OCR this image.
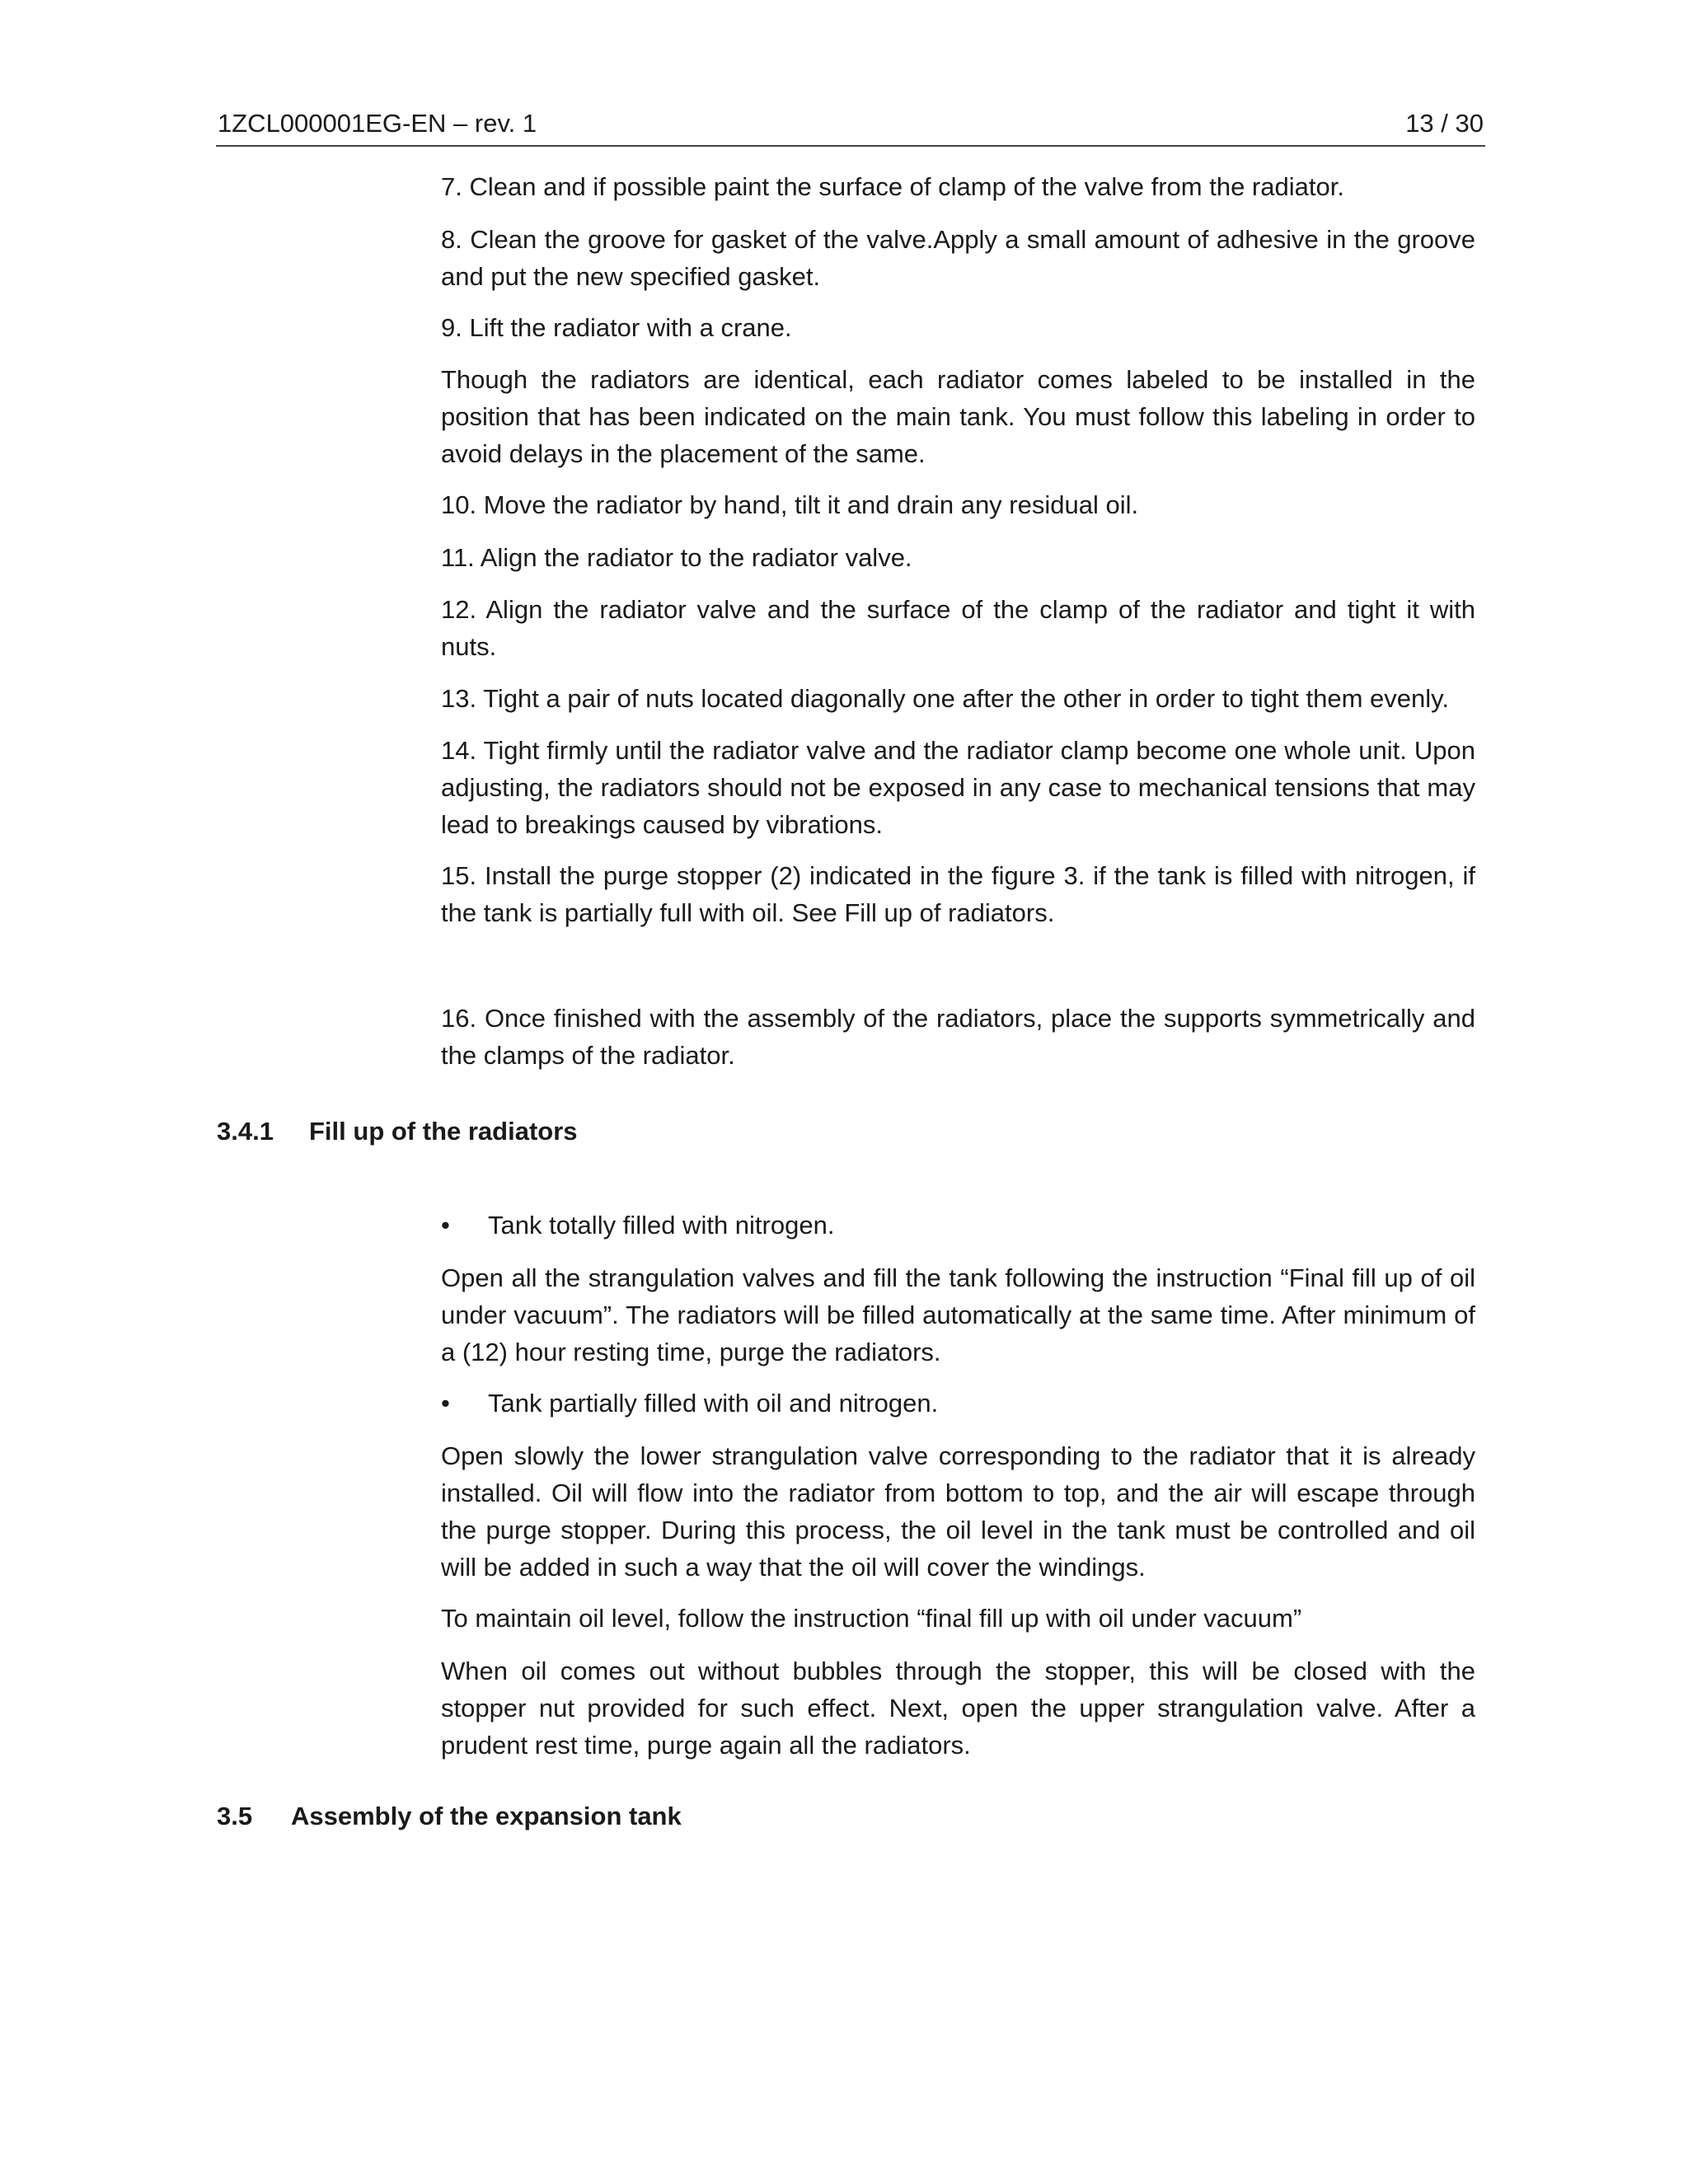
1ZCL000001EG-EN – rev. 1	13 / 30

7. Clean and if possible paint the surface of clamp of the valve from the radiator.

8. Clean the groove for gasket of the valve.Apply a small amount of adhesive in the groove and put the new specified gasket.

9. Lift the radiator with a crane.

Though the radiators are identical, each radiator comes labeled to be installed in the position that has been indicated on the main tank. You must follow this labeling in order to avoid delays in the placement of the same.

10. Move the radiator by hand, tilt it and drain any residual oil.

11. Align the radiator to the radiator valve.

12. Align the radiator valve and the surface of the clamp of the radiator and tight it with nuts.

13. Tight a pair of nuts located diagonally one after the other in order to tight them evenly.

14. Tight firmly until the radiator valve and the radiator clamp become one whole unit. Upon adjusting, the radiators should not be exposed in any case to mechanical tensions that may lead to breakings caused by vibrations.

15. Install the purge stopper (2) indicated in the figure 3. if the tank is filled with nitrogen, if the tank is partially full with oil. See Fill up of radiators.

16. Once finished with the assembly of the radiators, place the supports symmetrically and the clamps of the radiator.

3.4.1 Fill up of the radiators
• Tank totally filled with nitrogen.

Open all the strangulation valves and fill the tank following the instruction “Final fill up of oil under vacuum”. The radiators will be filled automatically at the same time. After minimum of a (12) hour resting time, purge the radiators.

• Tank partially filled with oil and nitrogen.

Open slowly the lower strangulation valve corresponding to the radiator that it is already installed. Oil will flow into the radiator from bottom to top, and the air will escape through the purge stopper. During this process, the oil level in the tank must be controlled and oil will be added in such a way that the oil will cover the windings.

To maintain oil level, follow the instruction “final fill up with oil under vacuum”

When oil comes out without bubbles through the stopper, this will be closed with the stopper nut provided for such effect. Next, open the upper strangulation valve. After a prudent rest time, purge again all the radiators.

3.5 Assembly of the expansion tank
